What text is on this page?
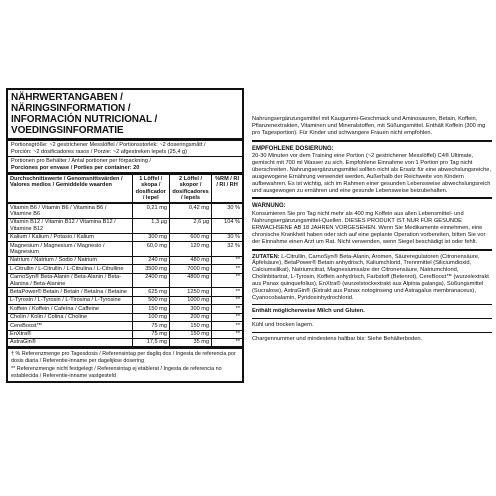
NÄHRWERTANGABEN / NÄRINGSINFORMATION /
INFORMACIÓN NUTRICIONAL / VOEDINGSINFORMATIE
Portionsgröße: ~2 gestrichener Messlöffel / Portionsstorlek: ~2 doseringsmått /
Porción: ~2 dosificadores rasos / Porzie: ~2 afgestreken lepels (25,4 g)
Portionen pro Behälter / Antal portioner per förpackning /
Porciones por envase / Porties per container: 20
Durchschnittswerte / Genomsnittsvärden / Valores medios / Gemiddelde waarden	1 Löffel / skopa / dosificador / lepel	2 Löffel / skopor / dosificadores / lepels	%RM / RI / RI / RH
Vitamin B6 / Vitamin B6 / Vitamina B6 / Vitamine B6	0,21 mg	0,42 mg	30 %
Vitamin B12 / Vitamin B12 / Vitamina B12 / Vitamine B12	1,3 µg	2,6 µg	104 %
Kalium / Kalium / Potasio / Kalium	300 mg	600 mg	30 %
Magnesium / Magnesium / Magnesio / Magnesium	60,0 mg	120 mg	32 %
Natrium / Natrium / Sodio / Natrium	240 mg	480 mg	**
L-Citrullin / L-Citrullin / L-Citrulina / L-Citrulline	3500 mg	7000 mg	**
CarnoSyn® Beta-Alanin / Beta-Alanin / Beta-Alanina / Beta-Alanine	2400 mg	4800 mg	**
BetaPower® Betain / Betain / Betaína / Betaine	625 mg	1250 mg	**
L-Tyrosin / L-Tyrosin / L-Tirosina / L-Tyrosine	500 mg	1000 mg	**
Koffein / Koffein / Cafeína / Caffeine	150 mg	300 mg	**
Cholin / Kolin / Colina / Choline	100 mg	200 mg	**
CereBoost™	75 mg	150 mg	**
EnXtra®	75 mg	150 mg	**
AstraGin®	17,5 mg	35 mg	**
† % Referenzmenge pro Tagesdosis / Referensintag per dagliq dos / Ingesta de referencia por dosis diaria / Referentie-inname per dagelijkse dosering
** Referenzmenge nicht festgelegt / Referensintag ej etablerat / Ingesta de referencia no establecida / Referentie-inname vastgesteld

Nahrungsergänzungsmittel mit Kaugummi-Geschmack und Aminosauren, Betain, Koffein, Pflanzenextrakten, Vitaminen und Mineralstoffen, mit Süßungsmittel. Enthält Koffein (300 mg pro Tagesportion). Für Kinder und schwangere Frauen nicht empfohlen.

EMPFOHLENE DOSIERUNG:

20-30 Minuten vor dem Training eine Portion (~2 gestrichener Messlöffel) C4® Ultimate, gemischt mit 700 ml Wasser zu sich. Empfohlene Einnahme von 1 Portion pro Tag nicht überschreiten. Nahrungsergänzungsmittel sollten nicht als Ersatz für eine abwechslungsreiche, ausgewogene Ernährung verwendet werden. Außerhalb der Reichweite von Kindern aufbewahren. Es ist wichtig, sich im Rahmen einer gesunden Lebensweise abwechslungsreich und ausgewogen zu ernähren und eine gesunde Lebensweise beizubehalten.

WARNUNG:

Konsumieren Sie pro Tag nicht mehr als 400 mg Koffein aus allen Lebensmittel- und Nahrungsergänzungsmittel-Quellen. DIESES PRODUKT IST NUR FÜR GESUNDE ERWACHSENE AB 18 JAHREN VORGESEHEN. Wenn Sie Medikamente einnehmen, eine chronische Krankheit haben oder sich auf eine geplante Operation vorbereiten, bitten Sie vor der Einnahme einen Arzt um Rat. Nicht verwenden, wenn Siegel beschädigt ist oder fehlt.

ZUTATEN: L-Citrullin, CarnoSyn® Beta-Alanin, Aromen, Säureregulatoren (Citronensäure, Äpfelsäure), BetaPower® Betain anhydrisch, Kaliumchlorid, Trennmittel (Siliciumdioxid, Calciumsilikat), Natriumcitrat, Magnesiumsalze der Citronensäure, Natriumchlorid, Cholinbitartrat, L-Tyrosin, Koffein anhydrisch, Farbstoff (Betenrot), CereBoost™ (wurzelextrakt aus Panax quinquefolius), EnXtra® (wurzelstockextrakt aus Alpinia galanga), Süßungsmittel (Sucralose), AstraGin® (Extrakt aus Panax notoginseng und Astragalus membranaceus), Cyanocobalamin, Pyridoxinhydrochlorid.

Enthält möglicherweise Milch und Gluten.

Kühl und trocken lagern.

Chargennummer und mindestens haltbar bis: Siehe Behälterboden.
